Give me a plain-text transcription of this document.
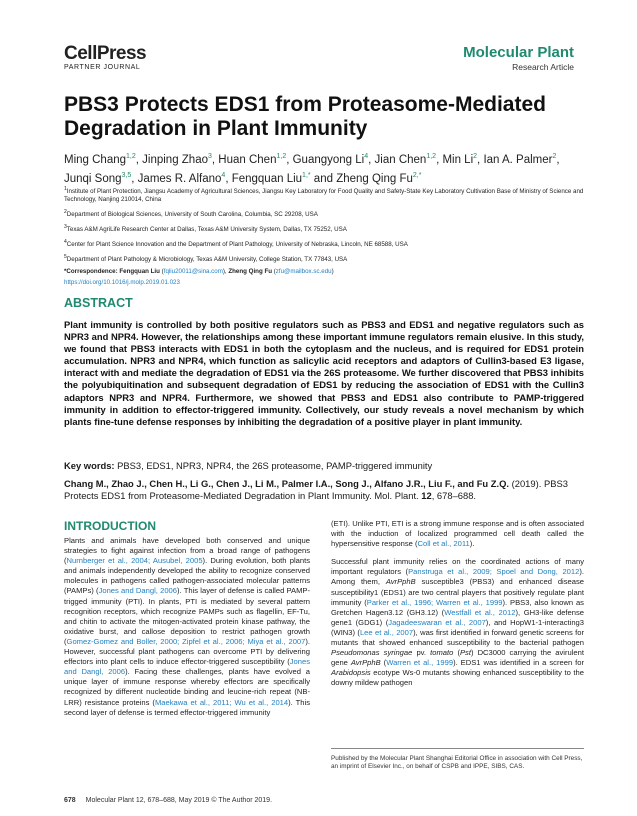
CellPress
PARTNER JOURNAL
Molecular Plant
Research Article
PBS3 Protects EDS1 from Proteasome-Mediated Degradation in Plant Immunity
Ming Chang$^{1,2}$, Jinping Zhao$^3$, Huan Chen$^{1,2}$, Guangyong Li$^4$, Jian Chen$^{1,2}$, Min Li$^2$, Ian A. Palmer$^2$, Junqi Song$^{3,5}$, James R. Alfano$^4$, Fengquan Liu$^{1,*}$ and Zheng Qing $Fu^{2,*}$
$^1$Institute of Plant Protection, Jiangsu Academy of Agricultural Sciences, Jiangsu Key Laboratory for Food Quality and Safety-State Key Laboratory Cultivation Base of Ministry of Science and Technology, Nanjing 210014, China
$^2$Department of Biological Sciences, University of South Carolina, Columbia, SC 29208, USA
$^3$Texas A&M AgriLife Research Center at Dallas, Texas A&M University System, Dallas, TX 75252, USA
$^4$Center for Plant Science Innovation and the Department of Plant Pathology, University of Nebraska, Lincoln, NE 68588, USA
$^5$Department of Plant Pathology & Microbiology, Texas A&M University, College Station, TX 77843, USA
*Correspondence: Fengquan Liu (fqliu20011@sina.com), Zheng Qing Fu (zfu@mailbox.sc.edu)
https://doi.org/10.1016/j.molp.2019.01.023
ABSTRACT
Plant immunity is controlled by both positive regulators such as PBS3 and EDS1 and negative regulators such as NPR3 and NPR4. However, the relationships among these important immune regulators remain elusive. In this study, we found that PBS3 interacts with EDS1 in both the cytoplasm and the nucleus, and is required for EDS1 protein accumulation. NPR3 and NPR4, which function as salicylic acid receptors and adaptors of Cullin3-based E3 ligase, interact with and mediate the degradation of EDS1 via the 26S proteasome. We further discovered that PBS3 inhibits the polyubiquitination and subsequent degradation of EDS1 by reducing the association of EDS1 with the Cullin3 adaptors NPR3 and NPR4. Furthermore, we showed that PBS3 and EDS1 also contribute to PAMP-triggered immunity in addition to effector-triggered immunity. Collectively, our study reveals a novel mechanism by which plants fine-tune defense responses by inhibiting the degradation of a positive player in plant immunity.
Key words: PBS3, EDS1, NPR3, NPR4, the 26S proteasome, PAMP-triggered immunity
Chang M., Zhao J., Chen H., Li G., Chen J., Li M., Palmer I.A., Song J., Alfano J.R., Liu F., and Fu Z.Q. (2019). PBS3 Protects EDS1 from Proteasome-Mediated Degradation in Plant Immunity. Mol. Plant. 12, 678–688.
INTRODUCTION

Plants and animals have developed both conserved and unique strategies to fight against infection from a broad range of pathogens (Nurnberger et al., 2004; Ausubel, 2005). During evolution, both plants and animals independently developed the ability to recognize conserved molecules in pathogens called pathogen-associated molecular patterns (PAMPs) (Jones and Dangl, 2006). This layer of defense is called PAMP-trigged immunity (PTI). In plants, PTI is mediated by several pattern recognition receptors, which recognize PAMPs such as flagellin, EF-Tu, and chitin to activate the mitogen-activated protein kinase pathway, the oxidative burst, and callose deposition to restrict pathogen growth (Gomez-Gomez and Boller, 2000; Zipfel et al., 2006; Miya et al., 2007). However, successful plant pathogens can overcome PTI by delivering effectors into plant cells to induce effector-triggered susceptibility (Jones and Dangl, 2006). Facing these challenges, plants have evolved a unique layer of immune response whereby effectors are specifically recognized by different nucleotide binding and leucine-rich repeat (NB-LRR) resistance proteins (Maekawa et al., 2011; Wu et al., 2014). This second layer of defense is termed effector-triggered immunity

(ETI). Unlike PTI, ETI is a strong immune response and is often associated with the induction of localized programmed cell death called the hypersensitive response (Coll et al., 2011).

Successful plant immunity relies on the coordinated actions of many important regulators (Panstruga et al., 2009; Spoel and Dong, 2012). Among them, AvrPphB susceptible3 (PBS3) and enhanced disease susceptibility1 (EDS1) are two central players that positively regulate plant immunity (Parker et al., 1996; Warren et al., 1999). PBS3, also known as Gretchen Hagen3.12 (GH3.12) (Westfall et al., 2012), GH3-like defense gene1 (GDG1) (Jagadeeswaran et al., 2007), and HopW1-1-interacting3 (WIN3) (Lee et al., 2007), was first identified in forward genetic screens for mutants that showed enhanced susceptibility to the bacterial pathogen Pseudomonas syringae pv. tomato (Pst) DC3000 carrying the avirulent gene AvrPphB (Warren et al., 1999). EDS1 was identified in a screen for Arabidopsis ecotype Ws-0 mutants showing enhanced susceptibility to the downy mildew pathogen

Published by the Molecular Plant Shanghai Editorial Office in association with Cell Press, an imprint of Elsevier Inc., on behalf of CSPB and IPPE, SIBS, CAS.
678 Molecular Plant 12, 678–688, May 2019 © The Author 2019.
